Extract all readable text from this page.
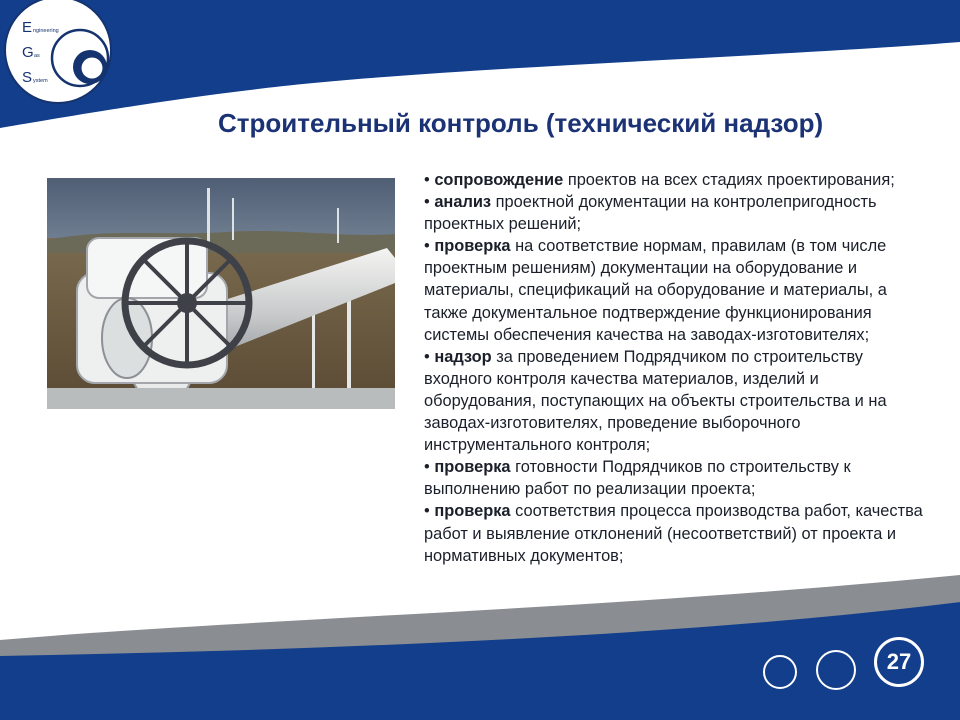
E ngineering
G as
S ystem
Строительный контроль (технический надзор)

• сопровождение проектов на всех стадиях проектирования;

• анализ проектной документации на контролепригодность проектных решений;

• проверка на соответствие нормам, правилам (в том числе проектным решениям) документации на оборудование и материалы, спецификаций на оборудование и материалы, а также документальное подтверждение функционирования системы обеспечения качества на заводах-изготовителях;

• надзор за проведением Подрядчиком по строительству входного контроля качества материалов, изделий и оборудования, поступающих на объекты строительства и на заводах-изготовителях, проведение выборочного инструментального контроля;

• проверка готовности Подрядчиков по строительству к выполнению работ по реализации проекта;

• проверка соответствия процесса производства работ, качества работ и выявление отклонений (несоответствий) от проекта и нормативных документов;

27
